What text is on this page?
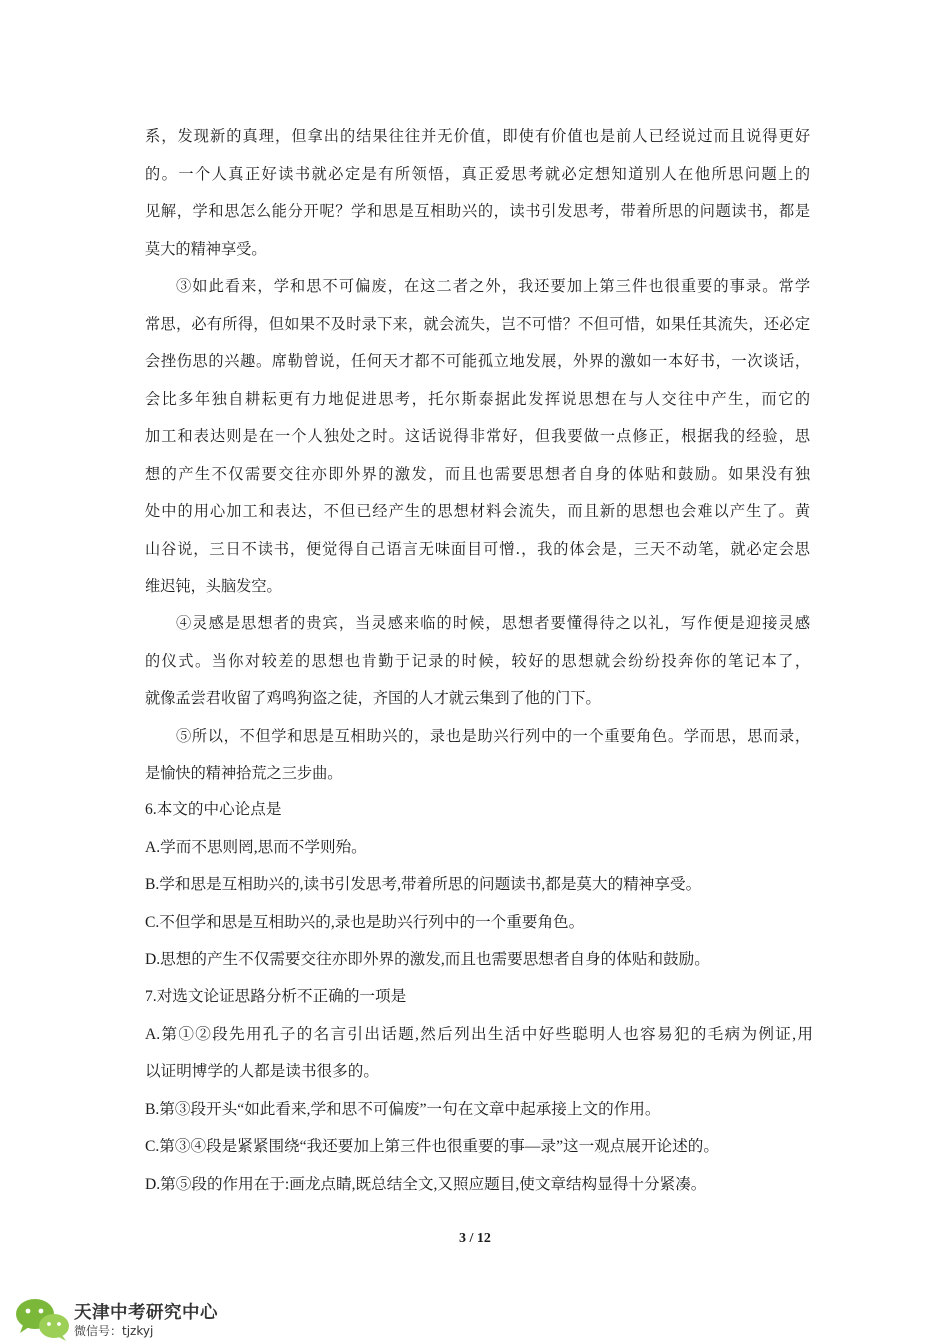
系，发现新的真理，但拿出的结果往往并无价值，即使有价值也是前人已经说过而且说得更好
的。一个人真正好读书就必定是有所领悟，真正爱思考就必定想知道别人在他所思问题上的
见解，学和思怎么能分开呢？学和思是互相助兴的，读书引发思考，带着所思的问题读书，都是
莫大的精神享受。
③如此看来，学和思不可偏废，在这二者之外，我还要加上第三件也很重要的事录。常学
常思，必有所得，但如果不及时录下来，就会流失，岂不可惜？不但可惜，如果任其流失，还必定
会挫伤思的兴趣。席勒曾说，任何天才都不可能孤立地发展，外界的激如一本好书，一次谈话，
会比多年独自耕耘更有力地促进思考，托尔斯泰据此发挥说思想在与人交往中产生，而它的
加工和表达则是在一个人独处之时。这话说得非常好，但我要做一点修正，根据我的经验，思
想的产生不仅需要交往亦即外界的激发，而且也需要思想者自身的体贴和鼓励。如果没有独
处中的用心加工和表达，不但已经产生的思想材料会流失，而且新的思想也会难以产生了。黄
山谷说，三日不读书，便觉得自己语言无味面目可憎.，我的体会是，三天不动笔，就必定会思
维迟钝，头脑发空。
④灵感是思想者的贵宾，当灵感来临的时候，思想者要懂得待之以礼，写作便是迎接灵感
的仪式。当你对较差的思想也肯勤于记录的时候，较好的思想就会纷纷投奔你的笔记本了，
就像孟尝君收留了鸡鸣狗盗之徒，齐国的人才就云集到了他的门下。
⑤所以，不但学和思是互相助兴的，录也是助兴行列中的一个重要角色。学而思，思而录，
是愉快的精神拾荒之三步曲。
6.本文的中心论点是
A.学而不思则罔,思而不学则殆。
B.学和思是互相助兴的,读书引发思考,带着所思的问题读书,都是莫大的精神享受。
C.不但学和思是互相助兴的,录也是助兴行列中的一个重要角色。
D.思想的产生不仅需要交往亦即外界的激发,而且也需要思想者自身的体贴和鼓励。
7.对选文论证思路分析不正确的一项是
A.第①②段先用孔子的名言引出话题,然后列出生活中好些聪明人也容易犯的毛病为例证,用
以证明博学的人都是读书很多的。
B.第③段开头“如此看来,学和思不可偏废”一句在文章中起承接上文的作用。
C.第③④段是紧紧围绕“我还要加上第三件也很重要的事—录”这一观点展开论述的。
D.第⑤段的作用在于:画龙点睛,既总结全文,又照应题目,使文章结构显得十分紧凑。
3 / 12
天津中考研究中心
微信号：tjzkyj
